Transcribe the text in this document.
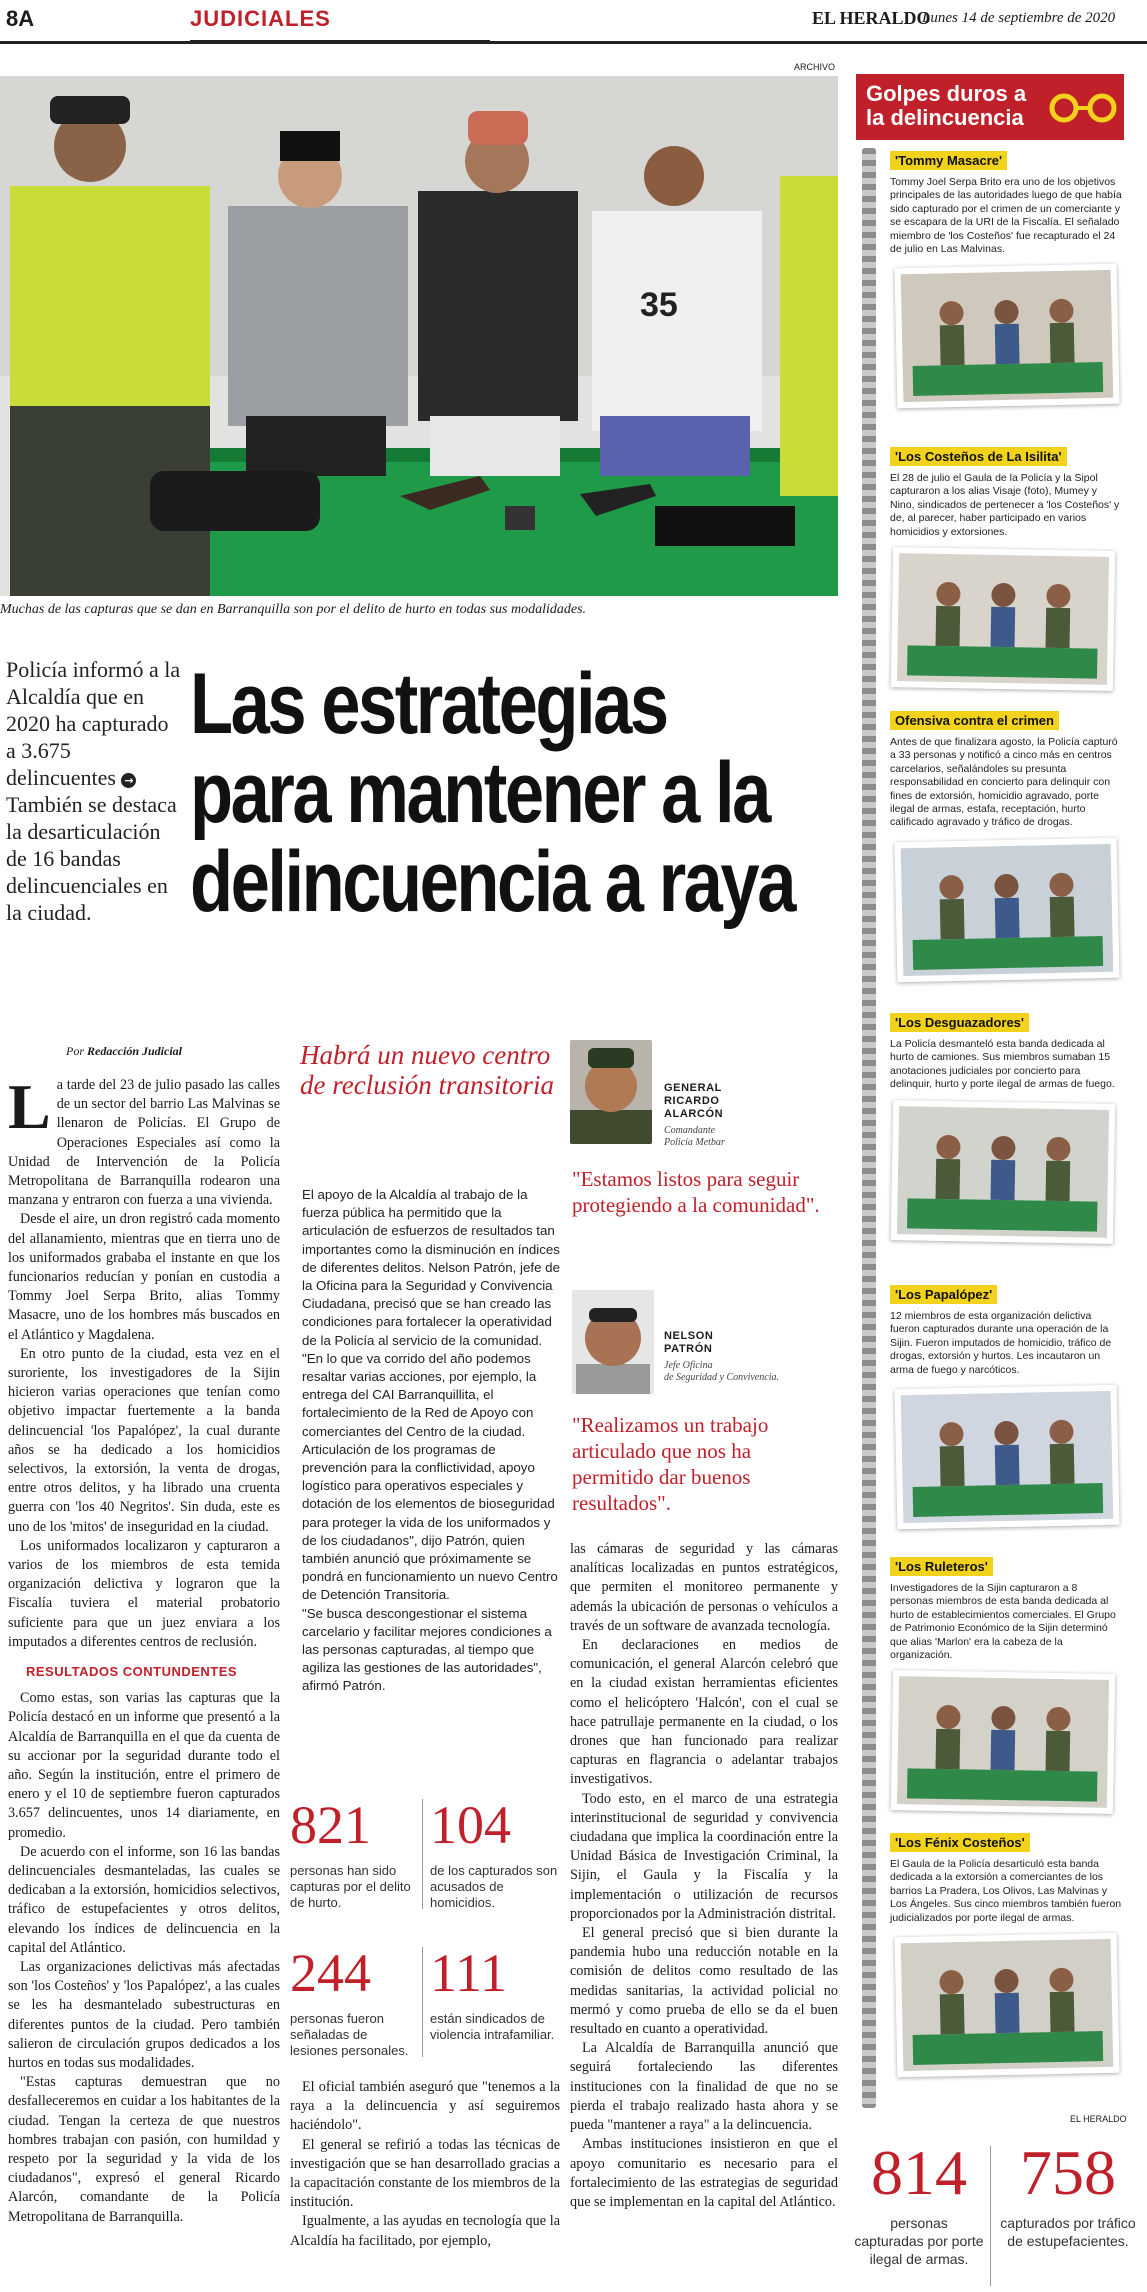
8A	JUDICIALES	EL HERALDO
Lunes 14 de septiembre de 2020
ARCHIVO
35
Muchas de las capturas que se dan en Barranquilla son por el delito de hurto en todas sus modalidades.
Policía informó a la Alcaldía que en 2020 ha capturado a 3.675 delincuentes → También se destaca la desarticulación de 16 bandas delincuenciales en la ciudad.
Las estrategias
para mantener a la
delincuencia a raya
Por Redacción Judicial
L a tarde del 23 de julio pasado las calles de un sector del barrio Las Malvinas se llenaron de Policías. El Grupo de Operaciones Especiales así como la Unidad de Intervención de la Policía Metropolitana de Barranquilla rodearon una manzana y entraron con fuerza a una vivienda.

Desde el aire, un dron registró cada momento del allanamiento, mientras que en tierra uno de los uniformados grababa el instante en que los funcionarios reducían y ponían en custodia a Tommy Joel Serpa Brito, alias Tommy Masacre, uno de los hombres más buscados en el Atlántico y Magdalena.

En otro punto de la ciudad, esta vez en el suroriente, los investigadores de la Sijin hicieron varias operaciones que tenían como objetivo impactar fuertemente a la banda delincuencial 'los Papalópez', la cual durante años se ha dedicado a los homicidios selectivos, la extorsión, la venta de drogas, entre otros delitos, y ha librado una cruenta guerra con 'los 40 Negritos'. Sin duda, este es uno de los 'mitos' de inseguridad en la ciudad.

Los uniformados localizaron y capturaron a varios de los miembros de esta temida organización delictiva y lograron que la Fiscalía tuviera el material probatorio suficiente para que un juez enviara a los imputados a diferentes centros de reclusión.

RESULTADOS CONTUNDENTES

Como estas, son varias las capturas que la Policía destacó en un informe que presentó a la Alcaldía de Barranquilla en el que da cuenta de su accionar por la seguridad durante todo el año. Según la institución, entre el primero de enero y el 10 de septiembre fueron capturados 3.657 delincuentes, unos 14 diariamente, en promedio.

De acuerdo con el informe, son 16 las bandas delincuenciales desmanteladas, las cuales se dedicaban a la extorsión, homicidios selectivos, tráfico de estupefacientes y otros delitos, elevando los índices de delincuencia en la capital del Atlántico.

Las organizaciones delictivas más afectadas son 'los Costeños' y 'los Papalópez', a las cuales se les ha desmantelado subestructuras en diferentes puntos de la ciudad. Pero también salieron de circulación grupos dedicados a los hurtos en todas sus modalidades.

"Estas capturas demuestran que no desfalleceremos en cuidar a los habitantes de la ciudad. Tengan la certeza de que nuestros hombres trabajan con pasión, con humildad y respeto por la seguridad y la vida de los ciudadanos", expresó el general Ricardo Alarcón, comandante de la Policía Metropolitana de Barranquilla.

Habrá un nuevo centro de reclusión transitoria

El apoyo de la Alcaldía al trabajo de la fuerza pública ha permitido que la articulación de esfuerzos de resultados tan importantes como la disminución en índices de diferentes delitos. Nelson Patrón, jefe de la Oficina para la Seguridad y Convivencia Ciudadana, precisó que se han creado las condiciones para fortalecer la operatividad de la Policía al servicio de la comunidad.

"En lo que va corrido del año podemos resaltar varias acciones, por ejemplo, la entrega del CAI Barranquillita, el fortalecimiento de la Red de Apoyo con comerciantes del Centro de la ciudad. Articulación de los programas de prevención para la conflictividad, apoyo logístico para operativos especiales y dotación de los elementos de bioseguridad para proteger la vida de los uniformados y de los ciudadanos", dijo Patrón, quien también anunció que próximamente se pondrá en funcionamiento un nuevo Centro de Detención Transitoria.

"Se busca descongestionar el sistema carcelario y facilitar mejores condiciones a las personas capturadas, al tiempo que agiliza las gestiones de las autoridades", afirmó Patrón.

821
personas han sido capturas por el delito de hurto.
104
de los capturados son acusados de homicidios.
244
personas fueron señaladas de lesiones personales.
111
están sindicados de violencia intrafamiliar.

El oficial también aseguró que "tenemos a la raya a la delincuencia y así seguiremos haciéndolo".

El general se refirió a todas las técnicas de investigación que se han desarrollado gracias a la capacitación constante de los miembros de la institución.

Igualmente, a las ayudas en tecnología que la Alcaldía ha facilitado, por ejemplo,

GENERAL
RICARDO
ALARCÓN
Comandante
Policía Metbar
"Estamos listos para seguir protegiendo a la comunidad".
NELSON
PATRÓN
Jefe Oficina
de Seguridad y Convivencia.
"Realizamos un trabajo articulado que nos ha permitido dar buenos resultados".

las cámaras de seguridad y las cámaras analíticas localizadas en puntos estratégicos, que permiten el monitoreo permanente y además la ubicación de personas o vehículos a través de un software de avanzada tecnología.

En declaraciones en medios de comunicación, el general Alarcón celebró que en la ciudad existan herramientas eficientes como el helicóptero 'Halcón', con el cual se hace patrullaje permanente en la ciudad, o los drones que han funcionado para realizar capturas en flagrancia o adelantar trabajos investigativos.

Todo esto, en el marco de una estrategia interinstitucional de seguridad y convivencia ciudadana que implica la coordinación entre la Unidad Básica de Investigación Criminal, la Sijin, el Gaula y la Fiscalía y la implementación o utilización de recursos proporcionados por la Administración distrital.

El general precisó que si bien durante la pandemia hubo una reducción notable en la comisión de delitos como resultado de las medidas sanitarias, la actividad policial no mermó y como prueba de ello se da el buen resultado en cuanto a operatividad.

La Alcaldía de Barranquilla anunció que seguirá fortaleciendo las diferentes instituciones con la finalidad de que no se pierda el trabajo realizado hasta ahora y se pueda "mantener a raya" a la delincuencia.

Ambas instituciones insistieron en que el apoyo comunitario es necesario para el fortalecimiento de las estrategias de seguridad que se implementan en la capital del Atlántico.

Golpes duros a
la delincuencia
'Tommy Masacre'
Tommy Joel Serpa Brito era uno de los objetivos principales de las autoridades luego de que había sido capturado por el crimen de un comerciante y se escapara de la URI de la Fiscalía. El señalado miembro de 'los Costeños' fue recapturado el 24 de julio en Las Malvinas.
'Los Costeños de La Isilita'
El 28 de julio el Gaula de la Policía y la Sipol capturaron a los alias Visaje (foto), Mumey y Nino, sindicados de pertenecer a 'los Costeños' y de, al parecer, haber participado en varios homicidios y extorsiones.
Ofensiva contra el crimen
Antes de que finalizara agosto, la Policía capturó a 33 personas y notificó a cinco más en centros carcelarios, señalándoles su presunta responsabilidad en concierto para delinquir con fines de extorsión, homicidio agravado, porte ilegal de armas, estafa, receptación, hurto calificado agravado y tráfico de drogas.
'Los Desguazadores'
La Policía desmanteló esta banda dedicada al hurto de camiones. Sus miembros sumaban 15 anotaciones judiciales por concierto para delinquir, hurto y porte ilegal de armas de fuego.
'Los Papalópez'
12 miembros de esta organización delictiva fueron capturados durante una operación de la Sijin. Fueron imputados de homicidio, tráfico de drogas, extorsión y hurtos. Les incautaron un arma de fuego y narcóticos.
'Los Ruleteros'
Investigadores de la Sijin capturaron a 8 personas miembros de esta banda dedicada al hurto de establecimientos comerciales. El Grupo de Patrimonio Económico de la Sijin determinó que alias 'Marlon' era la cabeza de la organización.
'Los Fénix Costeños'
El Gaula de la Policía desarticuló esta banda dedicada a la extorsión a comerciantes de los barrios La Pradera, Los Olivos, Las Malvinas y Los Ángeles. Sus cinco miembros también fueron judicializados por porte ilegal de armas.
EL HERALDO
814
personas capturadas por porte ilegal de armas.
758
capturados por tráfico de estupefacientes.
